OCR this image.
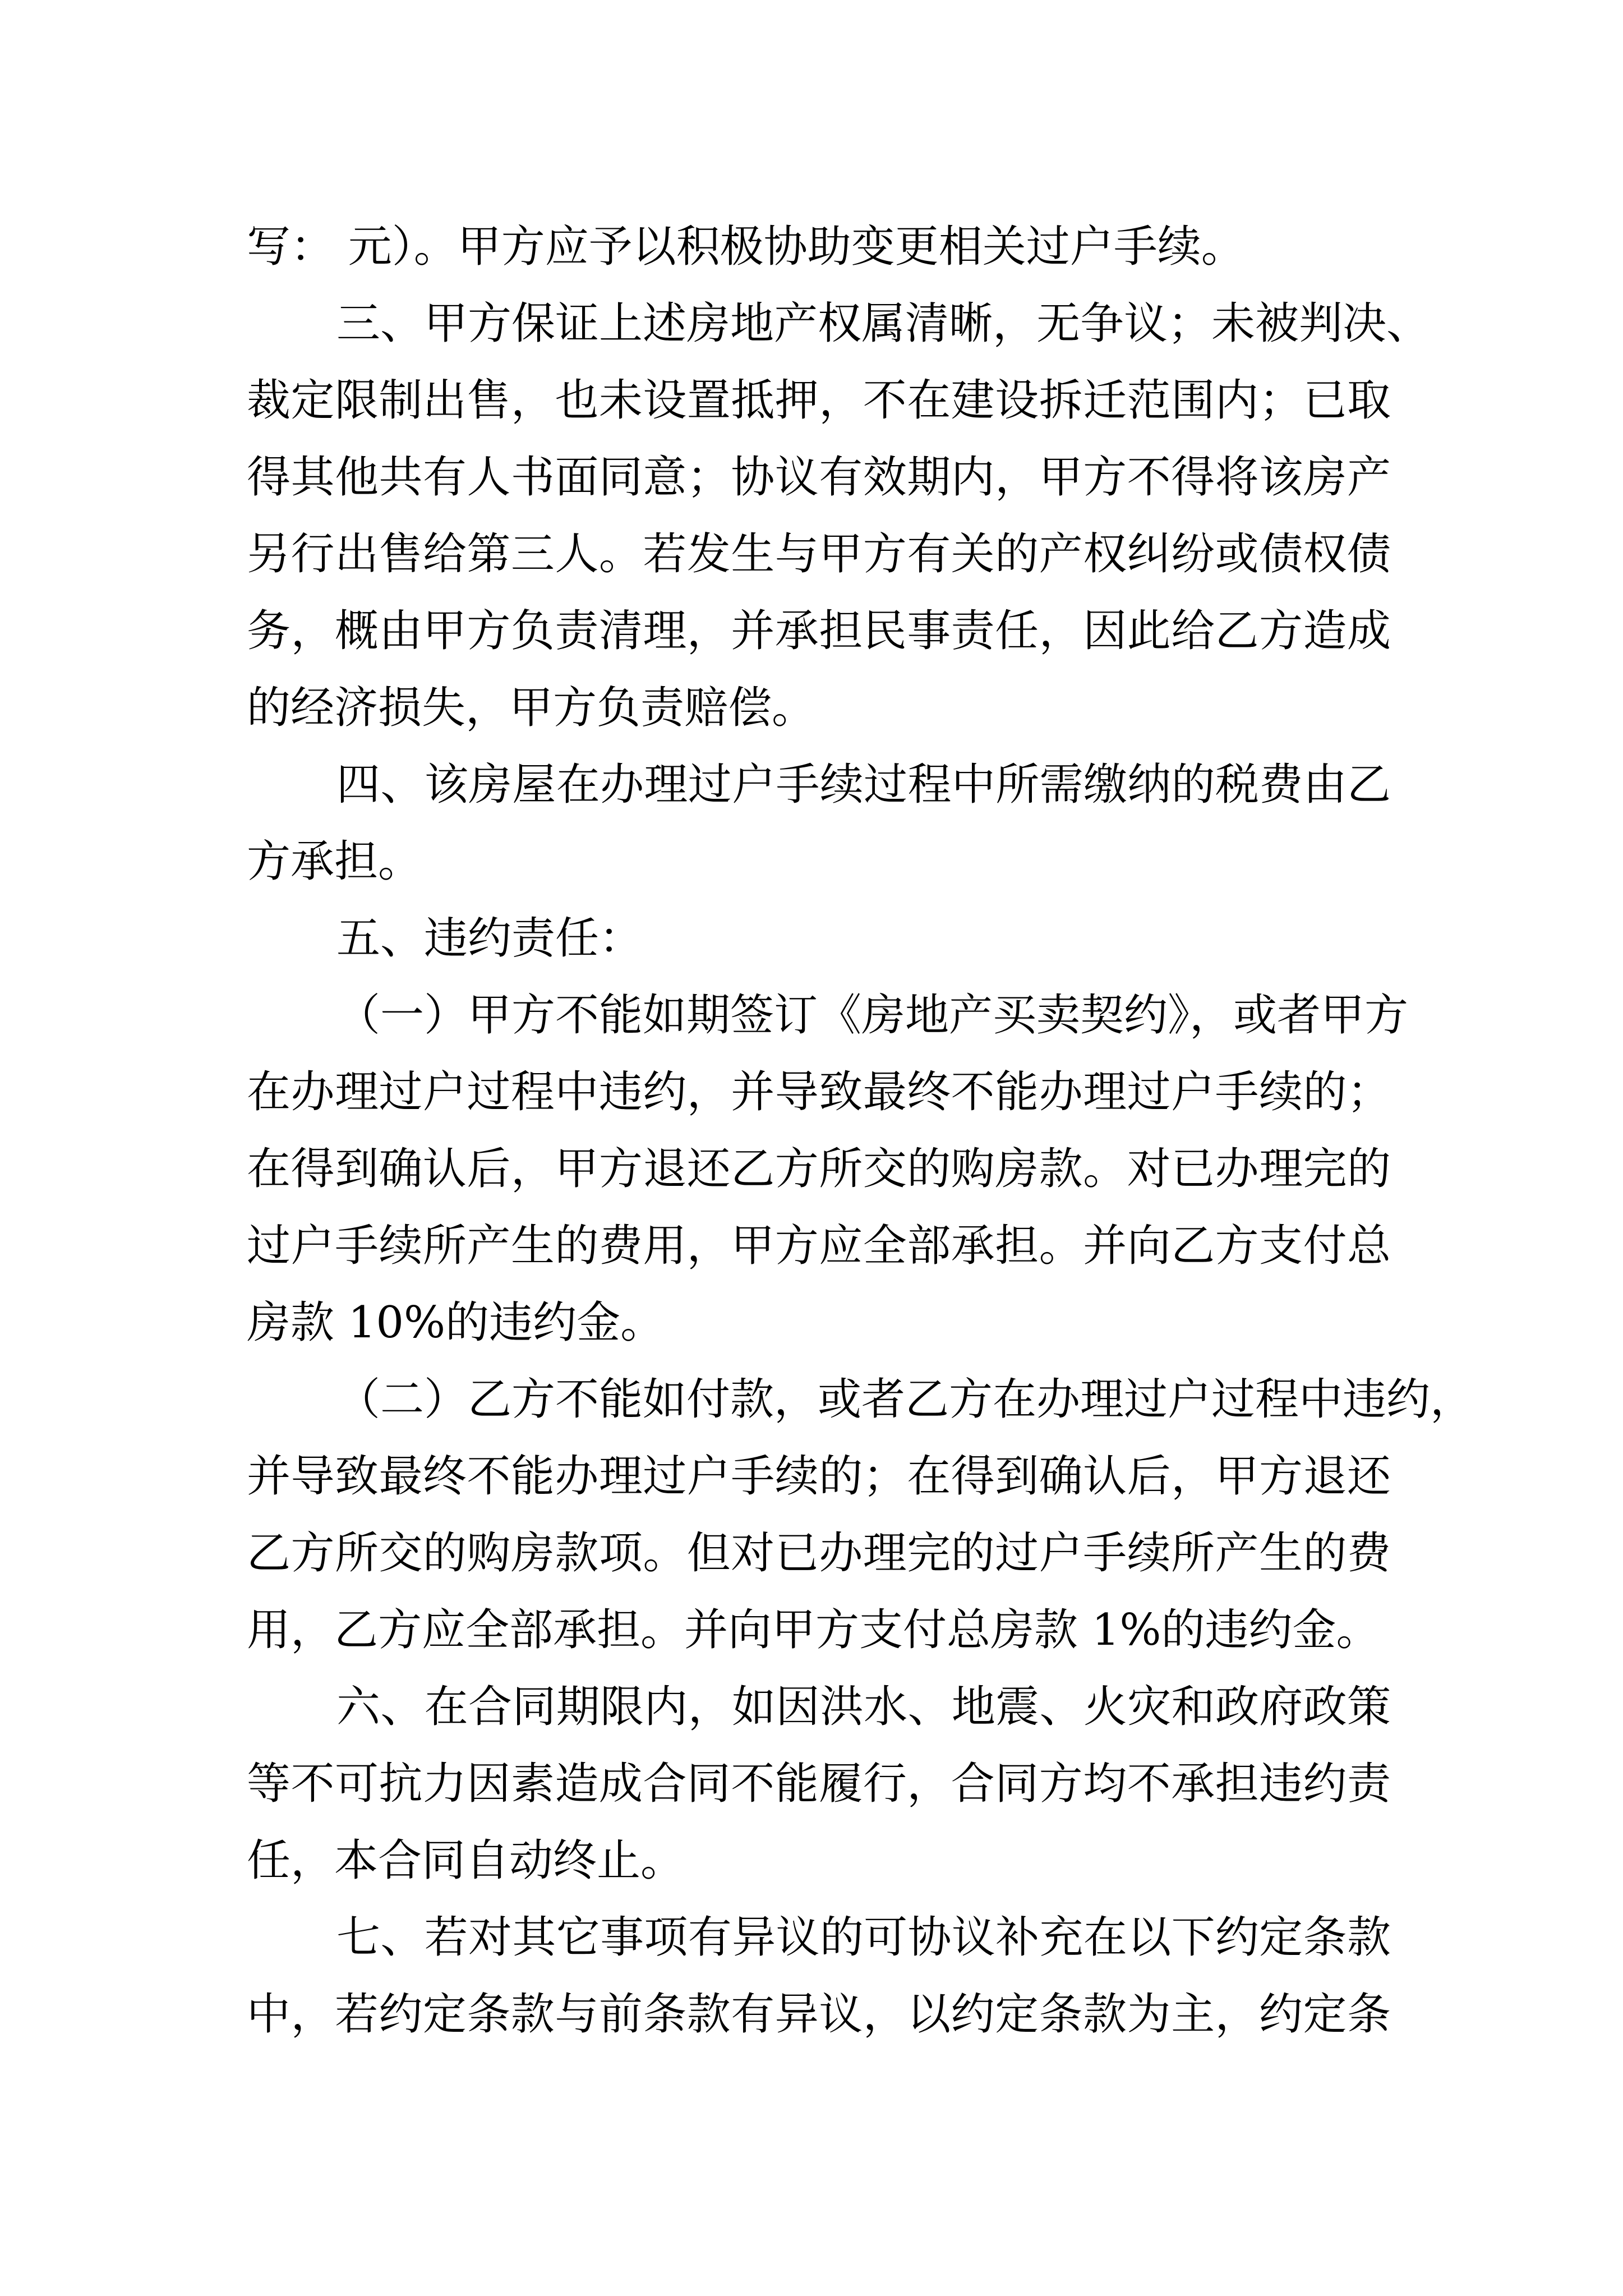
写： 元）。甲方应予以积极协助变更相关过户手续。
三、甲方保证上述房地产权属清晰，无争议；未被判决、
裁定限制出售，也未设置抵押，不在建设拆迁范围内；已取
得其他共有人书面同意；协议有效期内，甲方不得将该房产
另行出售给第三人。若发生与甲方有关的产权纠纷或债权债
务，概由甲方负责清理，并承担民事责任，因此给乙方造成
的经济损失，甲方负责赔偿。
四、该房屋在办理过户手续过程中所需缴纳的税费由乙
方承担。
五、违约责任：
（一）甲方不能如期签订《房地产买卖契约》，或者甲方
在办理过户过程中违约，并导致最终不能办理过户手续的；
在得到确认后，甲方退还乙方所交的购房款。对已办理完的
过户手续所产生的费用，甲方应全部承担。并向乙方支付总
房款 10%的违约金。
（二）乙方不能如付款，或者乙方在办理过户过程中违约，
并导致最终不能办理过户手续的；在得到确认后，甲方退还
乙方所交的购房款项。但对已办理完的过户手续所产生的费
用，乙方应全部承担。并向甲方支付总房款 1%的违约金。
六、在合同期限内，如因洪水、地震、火灾和政府政策
等不可抗力因素造成合同不能履行，合同方均不承担违约责
任，本合同自动终止。
七、若对其它事项有异议的可协议补充在以下约定条款
中，若约定条款与前条款有异议，以约定条款为主，约定条
